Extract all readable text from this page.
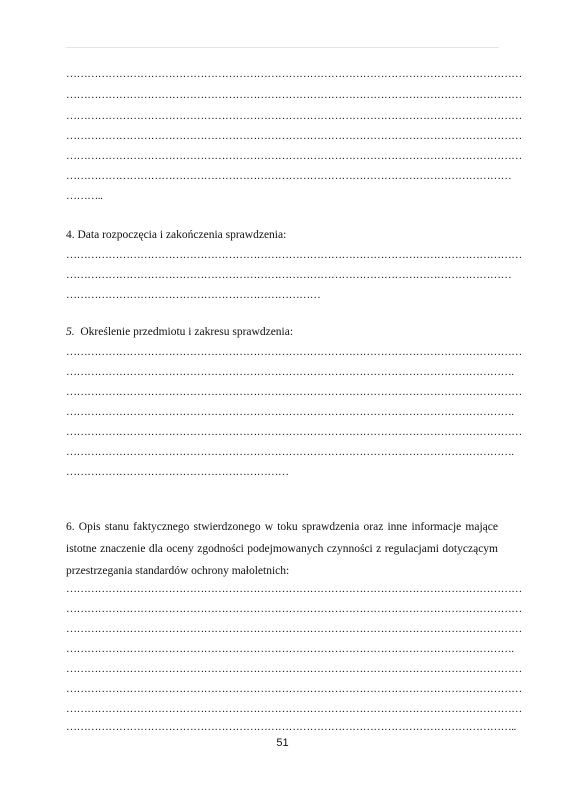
…………………………………………………………………………………………………………………
…………………………………………………………………………………………………………………
…………………………………………………………………………………………………………………
…………………………………………………………………………………………………………………
…………………………………………………………………………………………………………………
………………………………………………………………………………………………………………
………..
4. Data rozpoczęcia i zakończenia sprawdzenia:
…………………………………………………………………………………………………………………
………………………………………………………………………………………………………………
………………………………………………………………
5.  Określenie przedmiotu i zakresu sprawdzenia:
…………………………………………………………………………………………………………………
……………………………………………………………………………………………………………….
…………………………………………………………………………………………………………………
……………………………………………………………………………………………………………….
…………………………………………………………………………………………………………………
……………………………………………………………………………………………………………….
………………………………………………………
6. Opis stanu faktycznego stwierdzonego w toku sprawdzenia oraz inne informacje mające istotne znaczenie dla oceny zgodności podejmowanych czynności z regulacjami dotyczącym przestrzegania standardów ochrony małoletnich:
…………………………………………………………………………………………………………………
…………………………………………………………………………………………………………………
…………………………………………………………………………………………………………………
……………………………………………………………………………………………………………….
…………………………………………………………………………………………………………………
…………………………………………………………………………………………………………………
…………………………………………………………………………………………………………………
………………………………………………………………………………………………………………..
51
